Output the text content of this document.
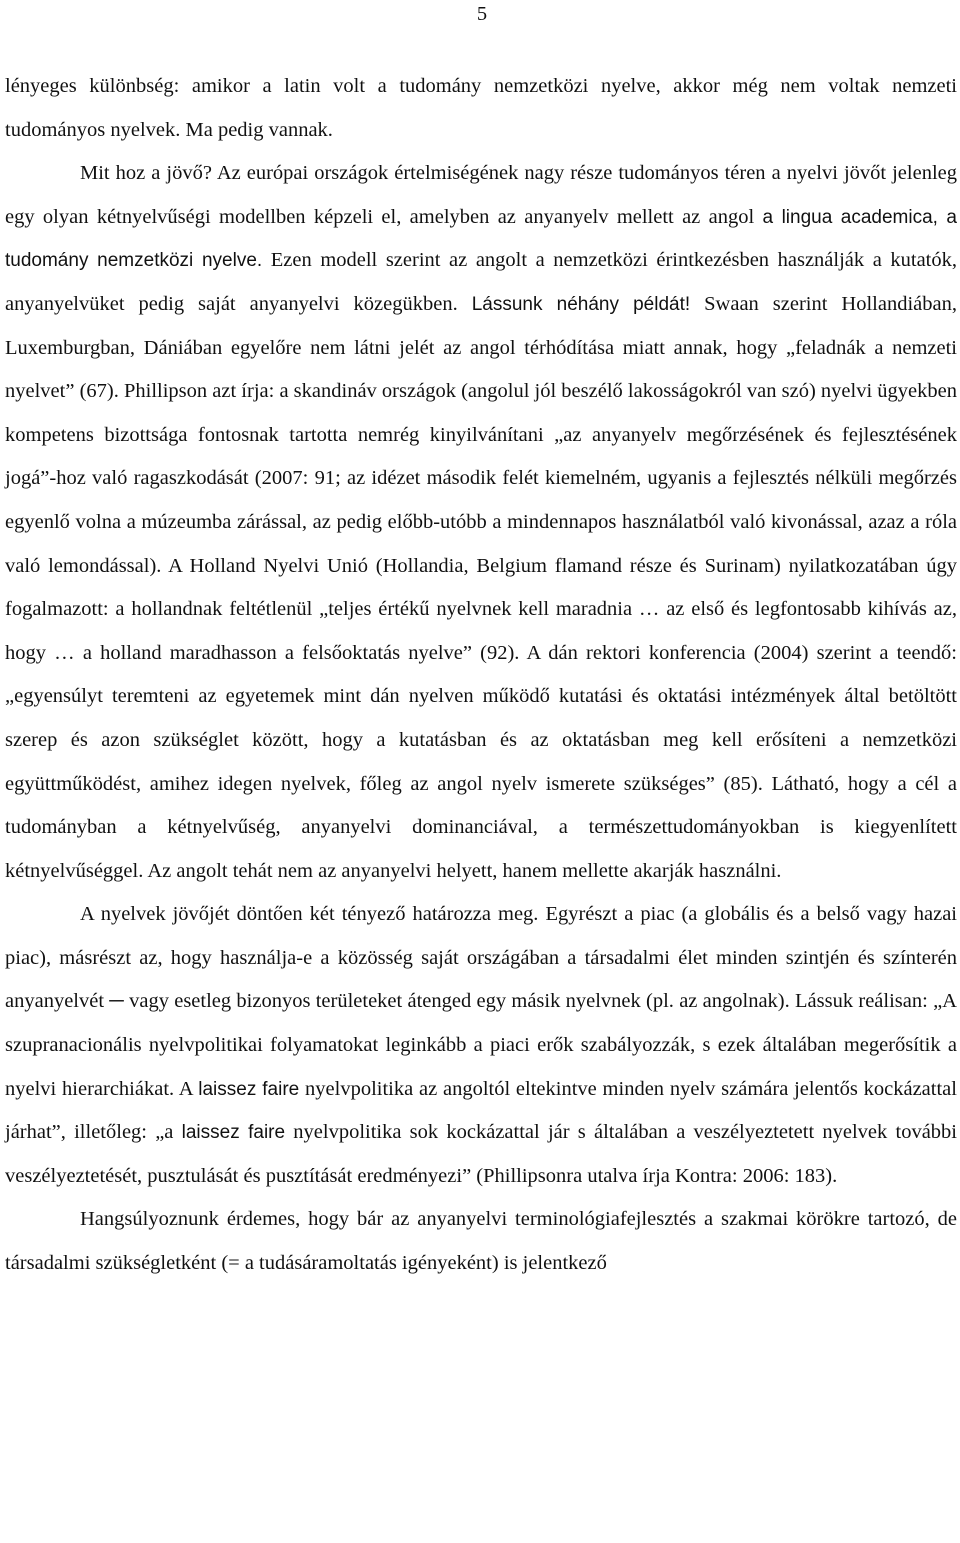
5

lényeges különbség: amikor a latin volt a tudomány nemzetközi nyelve, akkor még nem voltak nemzeti tudományos nyelvek. Ma pedig vannak.

Mit hoz a jövő? Az európai országok értelmiségének nagy része tudományos téren a nyelvi jövőt jelenleg egy olyan kétnyelvűségi modellben képzeli el, amelyben az anyanyelv mellett az angol a lingua academica, a tudomány nemzetközi nyelve. Ezen modell szerint az angolt a nemzetközi érintkezésben használják a kutatók, anyanyelvüket pedig saját anyanyelvi közegükben. Lássunk néhány példát! Swaan szerint Hollandiában, Luxemburgban, Dániában egyelőre nem látni jelét az angol térhódítása miatt annak, hogy „feladnák a nemzeti nyelvet” (67). Phillipson azt írja: a skandináv országok (angolul jól beszélő lakosságokról van szó) nyelvi ügyekben kompetens bizottsága fontosnak tartotta nemrég kinyilvánítani „az anyanyelv megőrzésének és fejlesztésének jogá”-hoz való ragaszkodását (2007: 91; az idézet második felét kiemelném, ugyanis a fejlesztés nélküli megőrzés egyenlő volna a múzeumba zárással, az pedig előbb-utóbb a mindennapos használatból való kivonással, azaz a róla való lemondással). A Holland Nyelvi Unió (Hollandia, Belgium flamand része és Surinam) nyilatkozatában úgy fogalmazott: a hollandnak feltétlenül „teljes értékű nyelvnek kell maradnia … az első és legfontosabb kihívás az, hogy … a holland maradhasson a felsőoktatás nyelve” (92). A dán rektori konferencia (2004) szerint a teendő: „egyensúlyt teremteni az egyetemek mint dán nyelven működő kutatási és oktatási intézmények által betöltött szerep és azon szükséglet között, hogy a kutatásban és az oktatásban meg kell erősíteni a nemzetközi együttműködést, amihez idegen nyelvek, főleg az angol nyelv ismerete szükséges” (85). Látható, hogy a cél a tudományban a kétnyelvűség, anyanyelvi dominanciával, a természettudományokban is kiegyenlített kétnyelvűséggel. Az angolt tehát nem az anyanyelvi helyett, hanem mellette akarják használni.

A nyelvek jövőjét döntően két tényező határozza meg. Egyrészt a piac (a globális és a belső vagy hazai piac), másrészt az, hogy használja-e a közösség saját országában a társadalmi élet minden szintjén és színterén anyanyelvét ─ vagy esetleg bizonyos területeket átenged egy másik nyelvnek (pl. az angolnak). Lássuk reálisan: „A szupranacionális nyelvpolitikai folyamatokat leginkább a piaci erők szabályozzák, s ezek általában megerősítik a nyelvi hierarchiákat. A laissez faire nyelvpolitika az angoltól eltekintve minden nyelv számára jelentős kockázattal járhat”, illetőleg: „a laissez faire nyelvpolitika sok kockázattal jár s általában a veszélyeztetett nyelvek további veszélyeztetését, pusztulását és pusztítását eredményezi” (Phillipsonra utalva írja Kontra: 2006: 183).

Hangsúlyoznunk érdemes, hogy bár az anyanyelvi terminológiafejlesztés a szakmai körökre tartozó, de társadalmi szükségletként (= a tudásáramoltatás igényeként) is jelentkező
